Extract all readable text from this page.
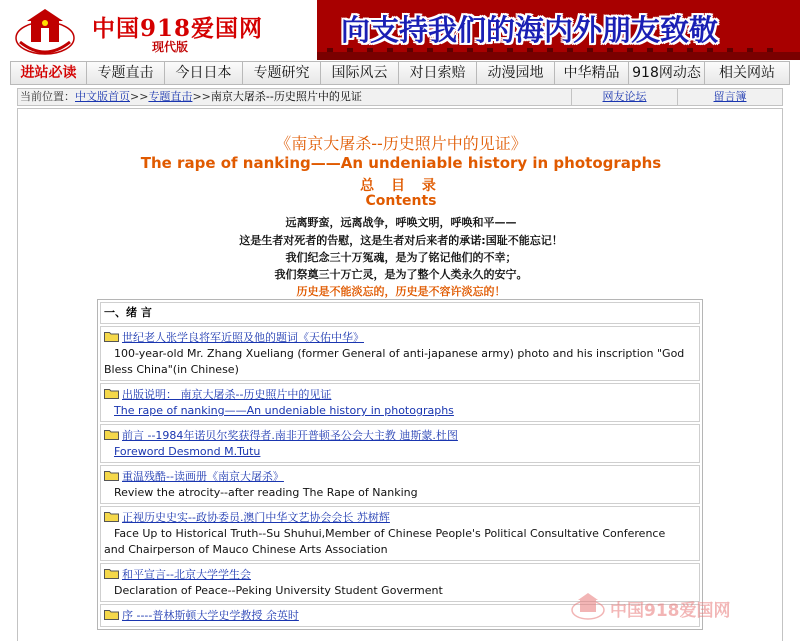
中国918爱国网
现代版	向支持我们的海内外朋友致敬
进站必读	专题直击	今日日本	专题研究	国际风云	对日索赔	动漫园地	中华精品 918网动态	相关网站
当前位置：中文版首页>>专题直击>>南京大屠杀--历史照片中的见证	网友论坛	留言簿
《南京大屠杀--历史照片中的见证》
The rape of nanking——An undeniable history in photographs
总 目 录
Contents
远离野蛮，远离战争，呼唤文明，呼唤和平——
这是生者对死者的告慰，这是生者对后来者的承诺:国耻不能忘记！
我们纪念三十万冤魂，是为了铭记他们的不幸；
我们祭奠三十万亡灵，是为了整个人类永久的安宁。
历史是不能淡忘的，历史是不容许淡忘的！
一、绪 言
世纪老人张学良将军近照及他的题词《天佑中华》
100-year-old Mr. Zhang Xueliang (former General of anti-japanese army) photo and his inscription "God
Bless China"(in Chinese)
出版说明： 南京大屠杀--历史照片中的见证
The rape of nanking——An undeniable history in photographs
前言 --1984年诺贝尔奖获得者.南非开普顿圣公会大主教 迪斯蒙.杜图
Foreword Desmond M.Tutu
重温残酷--读画册《南京大屠杀》
Review the atrocity--after reading The Rape of Nanking
正视历史史实--政协委员.澳门中华文艺协会会长 苏树辉
Face Up to Historical Truth--Su Shuhui,Member of Chinese People's Political Consultative Conference
and Chairperson of Mauco Chinese Arts Association
和平宣言--北京大学学生会
Declaration of Peace--Peking University Student Goverment
序 ----普林斯顿大学史学教授 余英时	中国918爱国网
